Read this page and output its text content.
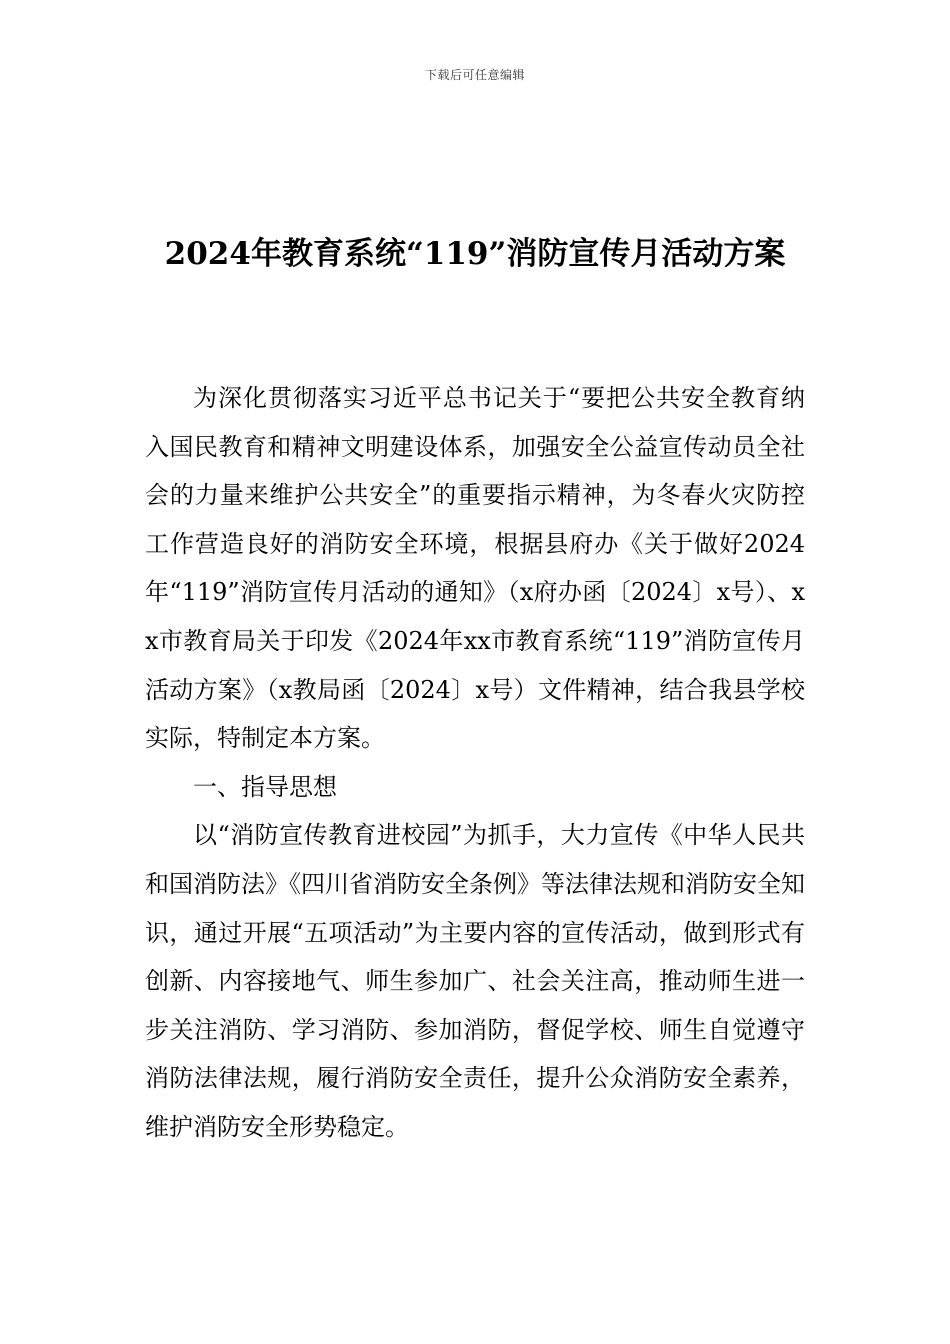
下载后可任意编辑
2024年教育系统“119”消防宣传月活动方案

为深化贯彻落实习近平总书记关于“要把公共安全教育纳入国民教育和精神文明建设体系，加强安全公益宣传动员全社会的力量来维护公共安全”的重要指示精神，为冬春火灾防控工作营造良好的消防安全环境，根据县府办《关于做好2024年“119”消防宣传月活动的通知》（x府办函〔2024〕x号）、xx市教育局关于印发《2024年xx市教育系统“119”消防宣传月活动方案》（x教局函〔2024〕x号）文件精神，结合我县学校实际，特制定本方案。

一、指导思想

以“消防宣传教育进校园”为抓手，大力宣传《中华人民共和国消防法》《四川省消防安全条例》等法律法规和消防安全知识，通过开展“五项活动”为主要内容的宣传活动，做到形式有创新、内容接地气、师生参加广、社会关注高，推动师生进一步关注消防、学习消防、参加消防，督促学校、师生自觉遵守消防法律法规，履行消防安全责任，提升公众消防安全素养，维护消防安全形势稳定。
